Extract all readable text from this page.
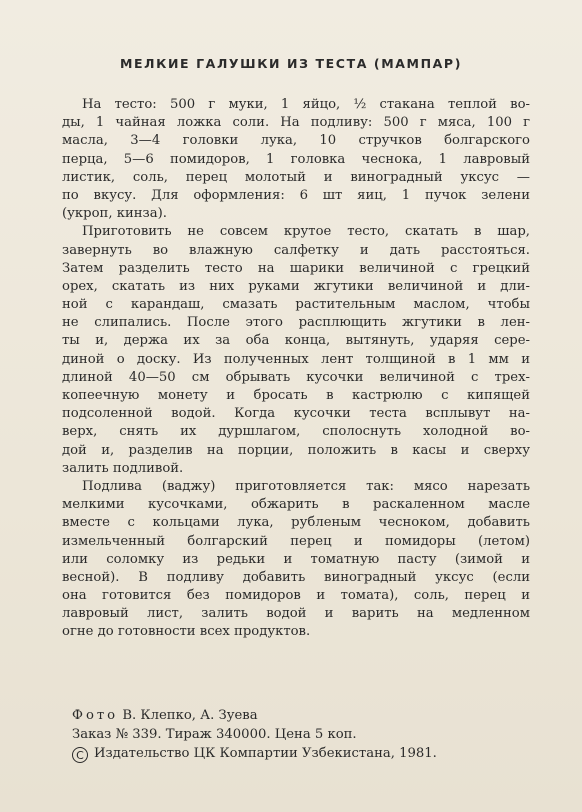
МЕЛКИЕ ГАЛУШКИ ИЗ ТЕСТА (МАМПАР)
На тесто: 500 г муки, 1 яйцо, ½ стакана теплой во-
ды, 1 чайная ложка соли. На подливу: 500 г мяса, 100 г
масла, 3—4 головки лука, 10 стручков болгарского
перца, 5—6 помидоров, 1 головка чеснока, 1 лавровый
листик, соль, перец молотый и виноградный уксус —
по вкусу. Для оформления: 6 шт яиц, 1 пучок зелени
(укроп, кинза).
Приготовить не совсем крутое тесто, скатать в шар,
завернуть во влажную салфетку и дать расстояться.
Затем разделить тесто на шарики величиной с грецкий
орех, скатать из них руками жгутики величиной и дли-
ной с карандаш, смазать растительным маслом, чтобы
не слипались. После этого расплющить жгутики в лен-
ты и, держа их за оба конца, вытянуть, ударяя сере-
диной о доску. Из полученных лент толщиной в 1 мм и
длиной 40—50 см обрывать кусочки величиной с трех-
копеечную монету и бросать в кастрюлю с кипящей
подсоленной водой. Когда кусочки теста всплывут на-
верх, снять их дуршлагом, сполоснуть холодной во-
дой и, разделив на порции, положить в касы и сверху
залить подливой.
Подлива (ваджу) приготовляется так: мясо нарезать
мелкими кусочками, обжарить в раскаленном масле
вместе с кольцами лука, рубленым чесноком, добавить
измельченный болгарский перец и помидоры (летом)
или соломку из редьки и томатную пасту (зимой и
весной). В подливу добавить виноградный уксус (если
она готовится без помидоров и томата), соль, перец и
лавровый лист, залить водой и варить на медленном
огне до готовности всех продуктов.
Фото В. Клепко, А. Зуева
Заказ № 339. Тираж 340000. Цена 5 коп.
C Издательство ЦК Компартии Узбекистана, 1981.
